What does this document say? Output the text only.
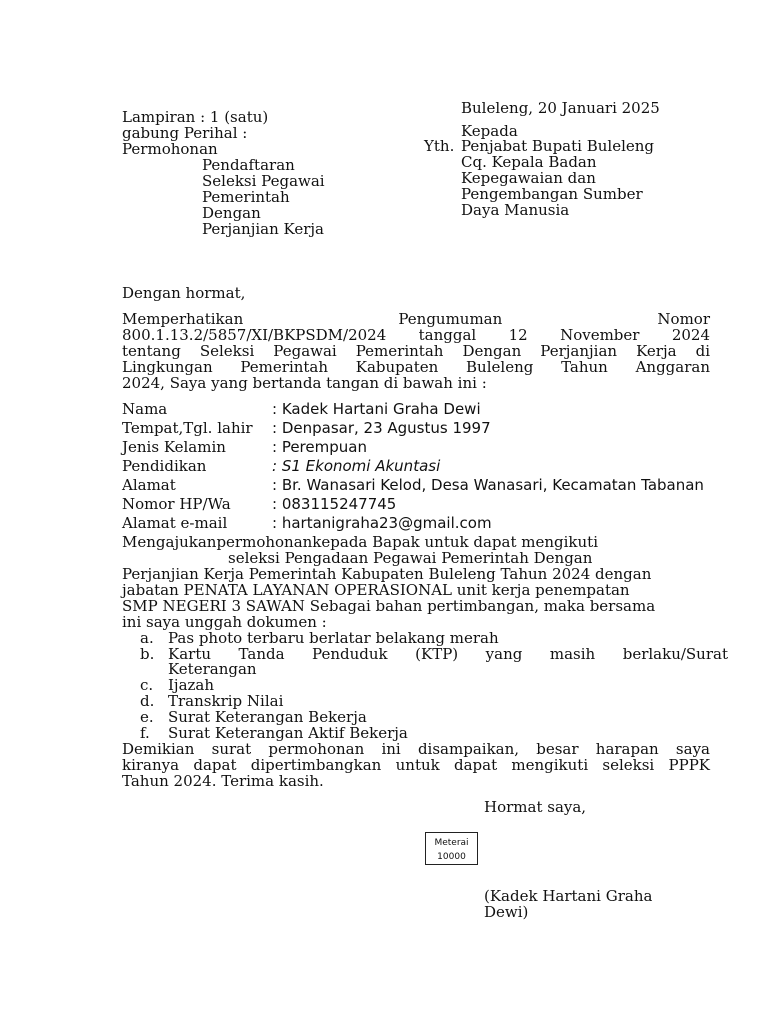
Lampiran : 1 (satu)
gabung Perihal :
Permohonan
Pendaftaran
Seleksi Pegawai
Pemerintah
Dengan
Perjanjian Kerja
Buleleng, 20 Januari 2025
Kepada
Yth. Penjabat Bupati Buleleng
Cq. Kepala Badan
Kepegawaian dan
Pengembangan Sumber
Daya Manusia
Dengan hormat,
Memperhatikan Pengumuman Nomor
800.1.13.2/5857/XI/BKPSDM/2024 tanggal 12 November 2024
tentang Seleksi Pegawai Pemerintah Dengan Perjanjian Kerja di
Lingkungan Pemerintah Kabupaten Buleleng Tahun Anggaran
2024, Saya yang bertanda tangan di bawah ini :
Nama	: Kadek Hartani Graha Dewi
Tempat,Tgl. lahir : Denpasar, 23 Agustus 1997
Jenis Kelamin	: Perempuan
Pendidikan	: S1 Ekonomi Akuntasi
Alamat	: Br. Wanasari Kelod, Desa Wanasari, Kecamatan Tabanan
Nomor HP/Wa	: 083115247745
Alamat e-mail	: hartanigraha23@gmail.com
Mengajukanpermohonankepada Bapak untuk dapat mengikuti
seleksi Pengadaan Pegawai Pemerintah Dengan
Perjanjian Kerja Pemerintah Kabupaten Buleleng Tahun 2024 dengan
jabatan PENATA LAYANAN OPERASIONAL unit kerja penempatan
SMP NEGERI 3 SAWAN Sebagai bahan pertimbangan, maka bersama
ini saya unggah dokumen :
a. Pas photo terbaru berlatar belakang merah
b. Kartu Tanda Penduduk (KTP) yang masih berlaku/Surat
Keterangan
c. Ijazah
d. Transkrip Nilai
e. Surat Keterangan Bekerja
f. Surat Keterangan Aktif Bekerja
Demikian surat permohonan ini disampaikan, besar harapan saya
kiranya dapat dipertimbangkan untuk dapat mengikuti seleksi PPPK
Tahun 2024. Terima kasih.
Hormat saya,
Meterai
10000
(Kadek Hartani Graha
Dewi)
